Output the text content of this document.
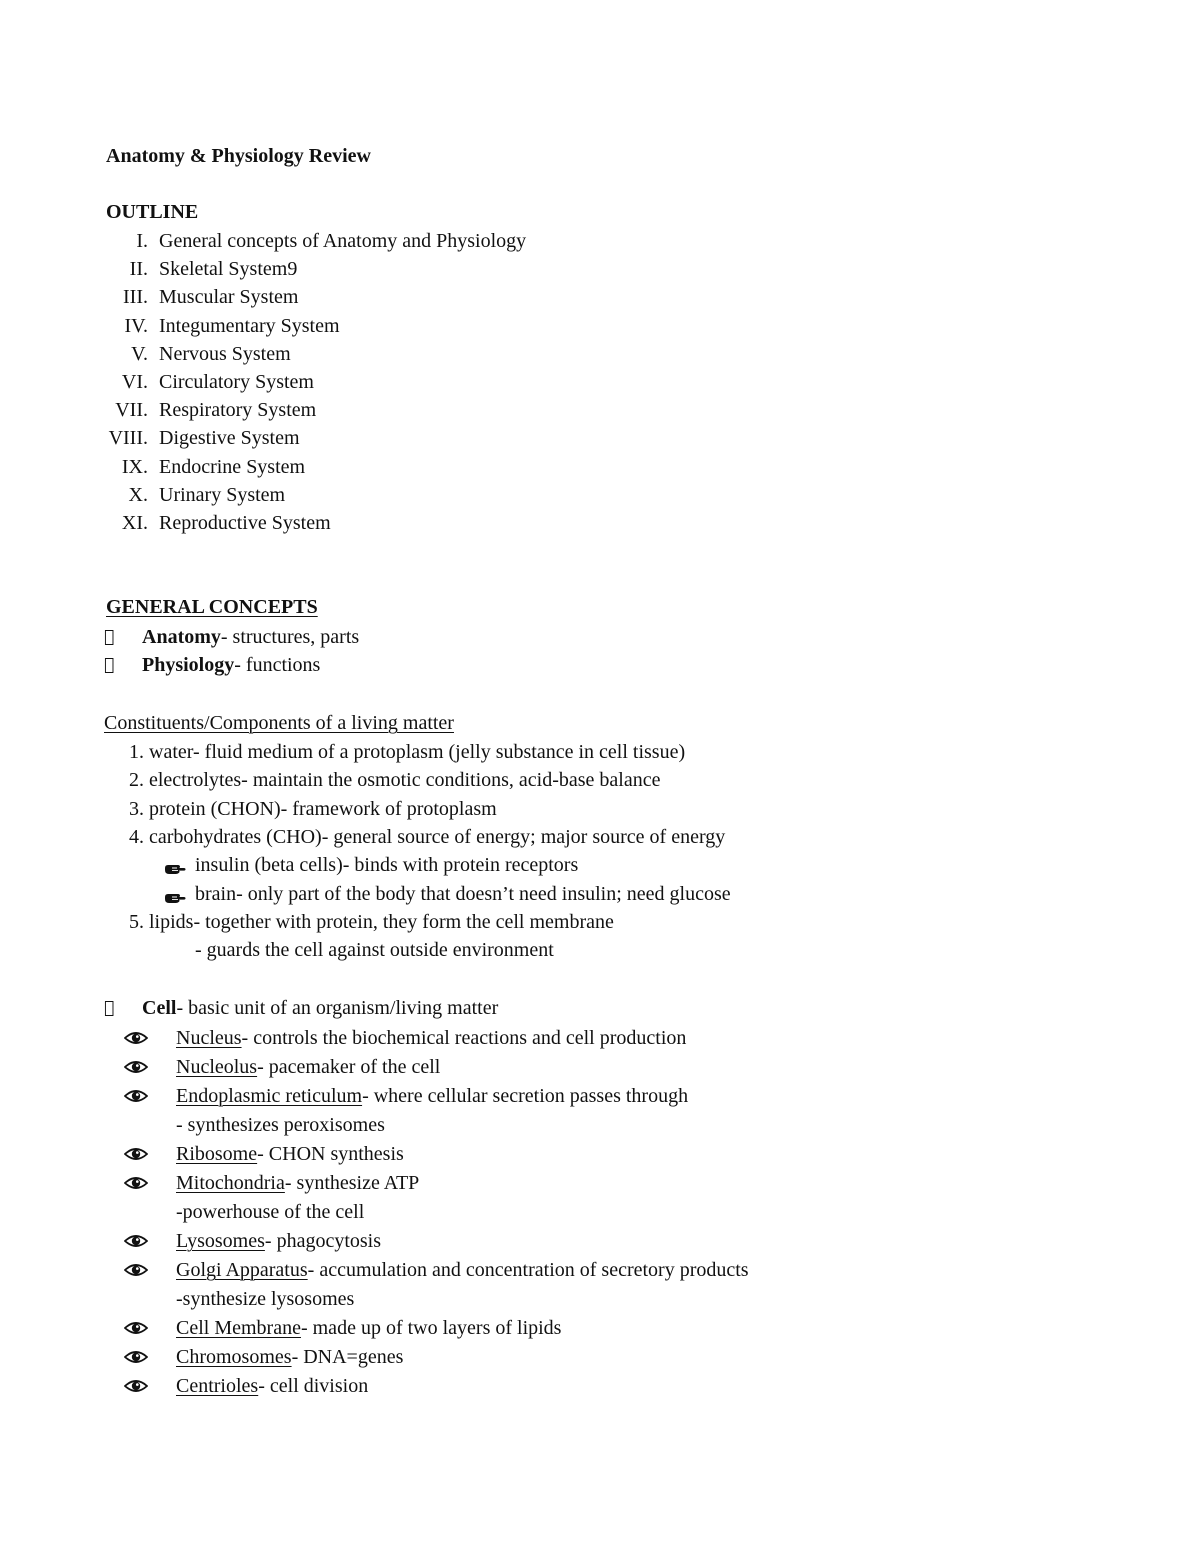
Anatomy & Physiology Review
OUTLINE
I. General concepts of Anatomy and Physiology
II. Skeletal System9
III. Muscular System
IV. Integumentary System
V. Nervous System
VI. Circulatory System
VII. Respiratory System
VIII. Digestive System
IX. Endocrine System
X. Urinary System
XI. Reproductive System
GENERAL CONCEPTS
Anatomy- structures, parts
Physiology- functions
Constituents/Components of a living matter
1. water- fluid medium of a protoplasm (jelly substance in cell tissue)
2. electrolytes- maintain the osmotic conditions, acid-base balance
3. protein (CHON)- framework of protoplasm
4. carbohydrates (CHO)- general source of energy; major source of energy
5. lipids- together with protein, they form the cell membrane
insulin (beta cells)- binds with protein receptors
brain- only part of the body that doesn’t need insulin; need glucose
- guards the cell against outside environment
Cell- basic unit of an organism/living matter
Nucleus- controls the biochemical reactions and cell production
Nucleolus- pacemaker of the cell
Endoplasmic reticulum- where cellular secretion passes through
- synthesizes peroxisomes
Ribosome- CHON synthesis
Mitochondria- synthesize ATP
-powerhouse of the cell
Lysosomes- phagocytosis
Golgi Apparatus- accumulation and concentration of secretory products
-synthesize lysosomes
Cell Membrane- made up of two layers of lipids
Chromosomes- DNA=genes
Centrioles- cell division
